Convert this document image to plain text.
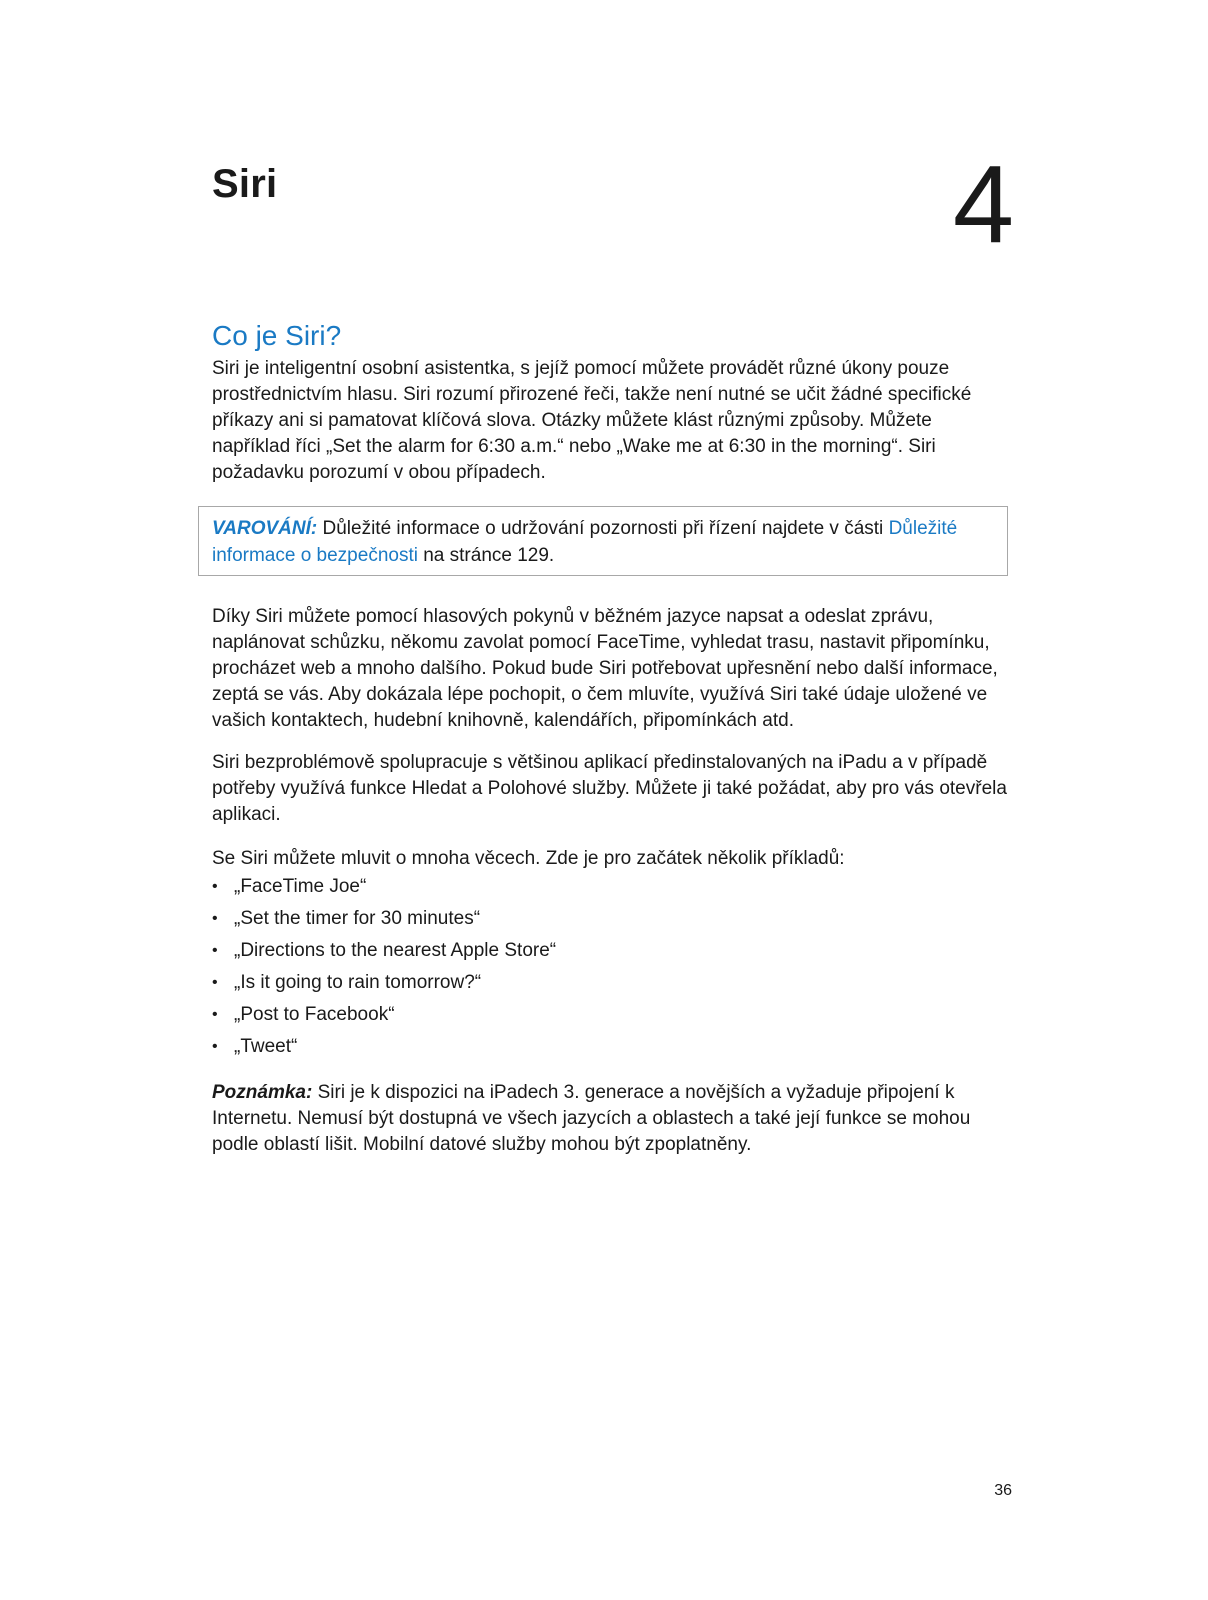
Siri	4
Co je Siri?

Siri je inteligentní osobní asistentka, s jejíž pomocí můžete provádět různé úkony pouze prostřednictvím hlasu. Siri rozumí přirozené řeči, takže není nutné se učit žádné specifické příkazy ani si pamatovat klíčová slova. Otázky můžete klást různými způsoby. Můžete například říci „Set the alarm for 6:30 a.m.“ nebo „Wake me at 6:30 in the morning“. Siri požadavku porozumí v obou případech.

VAROVÁNÍ: Důležité informace o udržování pozornosti při řízení najdete v části Důležité informace o bezpečnosti na stránce 129.

Díky Siri můžete pomocí hlasových pokynů v běžném jazyce napsat a odeslat zprávu, naplánovat schůzku, někomu zavolat pomocí FaceTime, vyhledat trasu, nastavit připomínku, procházet web a mnoho dalšího. Pokud bude Siri potřebovat upřesnění nebo další informace, zeptá se vás. Aby dokázala lépe pochopit, o čem mluvíte, využívá Siri také údaje uložené ve vašich kontaktech, hudební knihovně, kalendářích, připomínkách atd.

Siri bezproblémově spolupracuje s většinou aplikací předinstalovaných na iPadu a v případě potřeby využívá funkce Hledat a Polohové služby. Můžete ji také požádat, aby pro vás otevřela aplikaci.

Se Siri můžete mluvit o mnoha věcech. Zde je pro začátek několik příkladů:

• „FaceTime Joe“
• „Set the timer for 30 minutes“
• „Directions to the nearest Apple Store“
• „Is it going to rain tomorrow?“
• „Post to Facebook“
• „Tweet“

Poznámka: Siri je k dispozici na iPadech 3. generace a novějších a vyžaduje připojení k Internetu. Nemusí být dostupná ve všech jazycích a oblastech a také její funkce se mohou podle oblastí lišit. Mobilní datové služby mohou být zpoplatněny.

36
